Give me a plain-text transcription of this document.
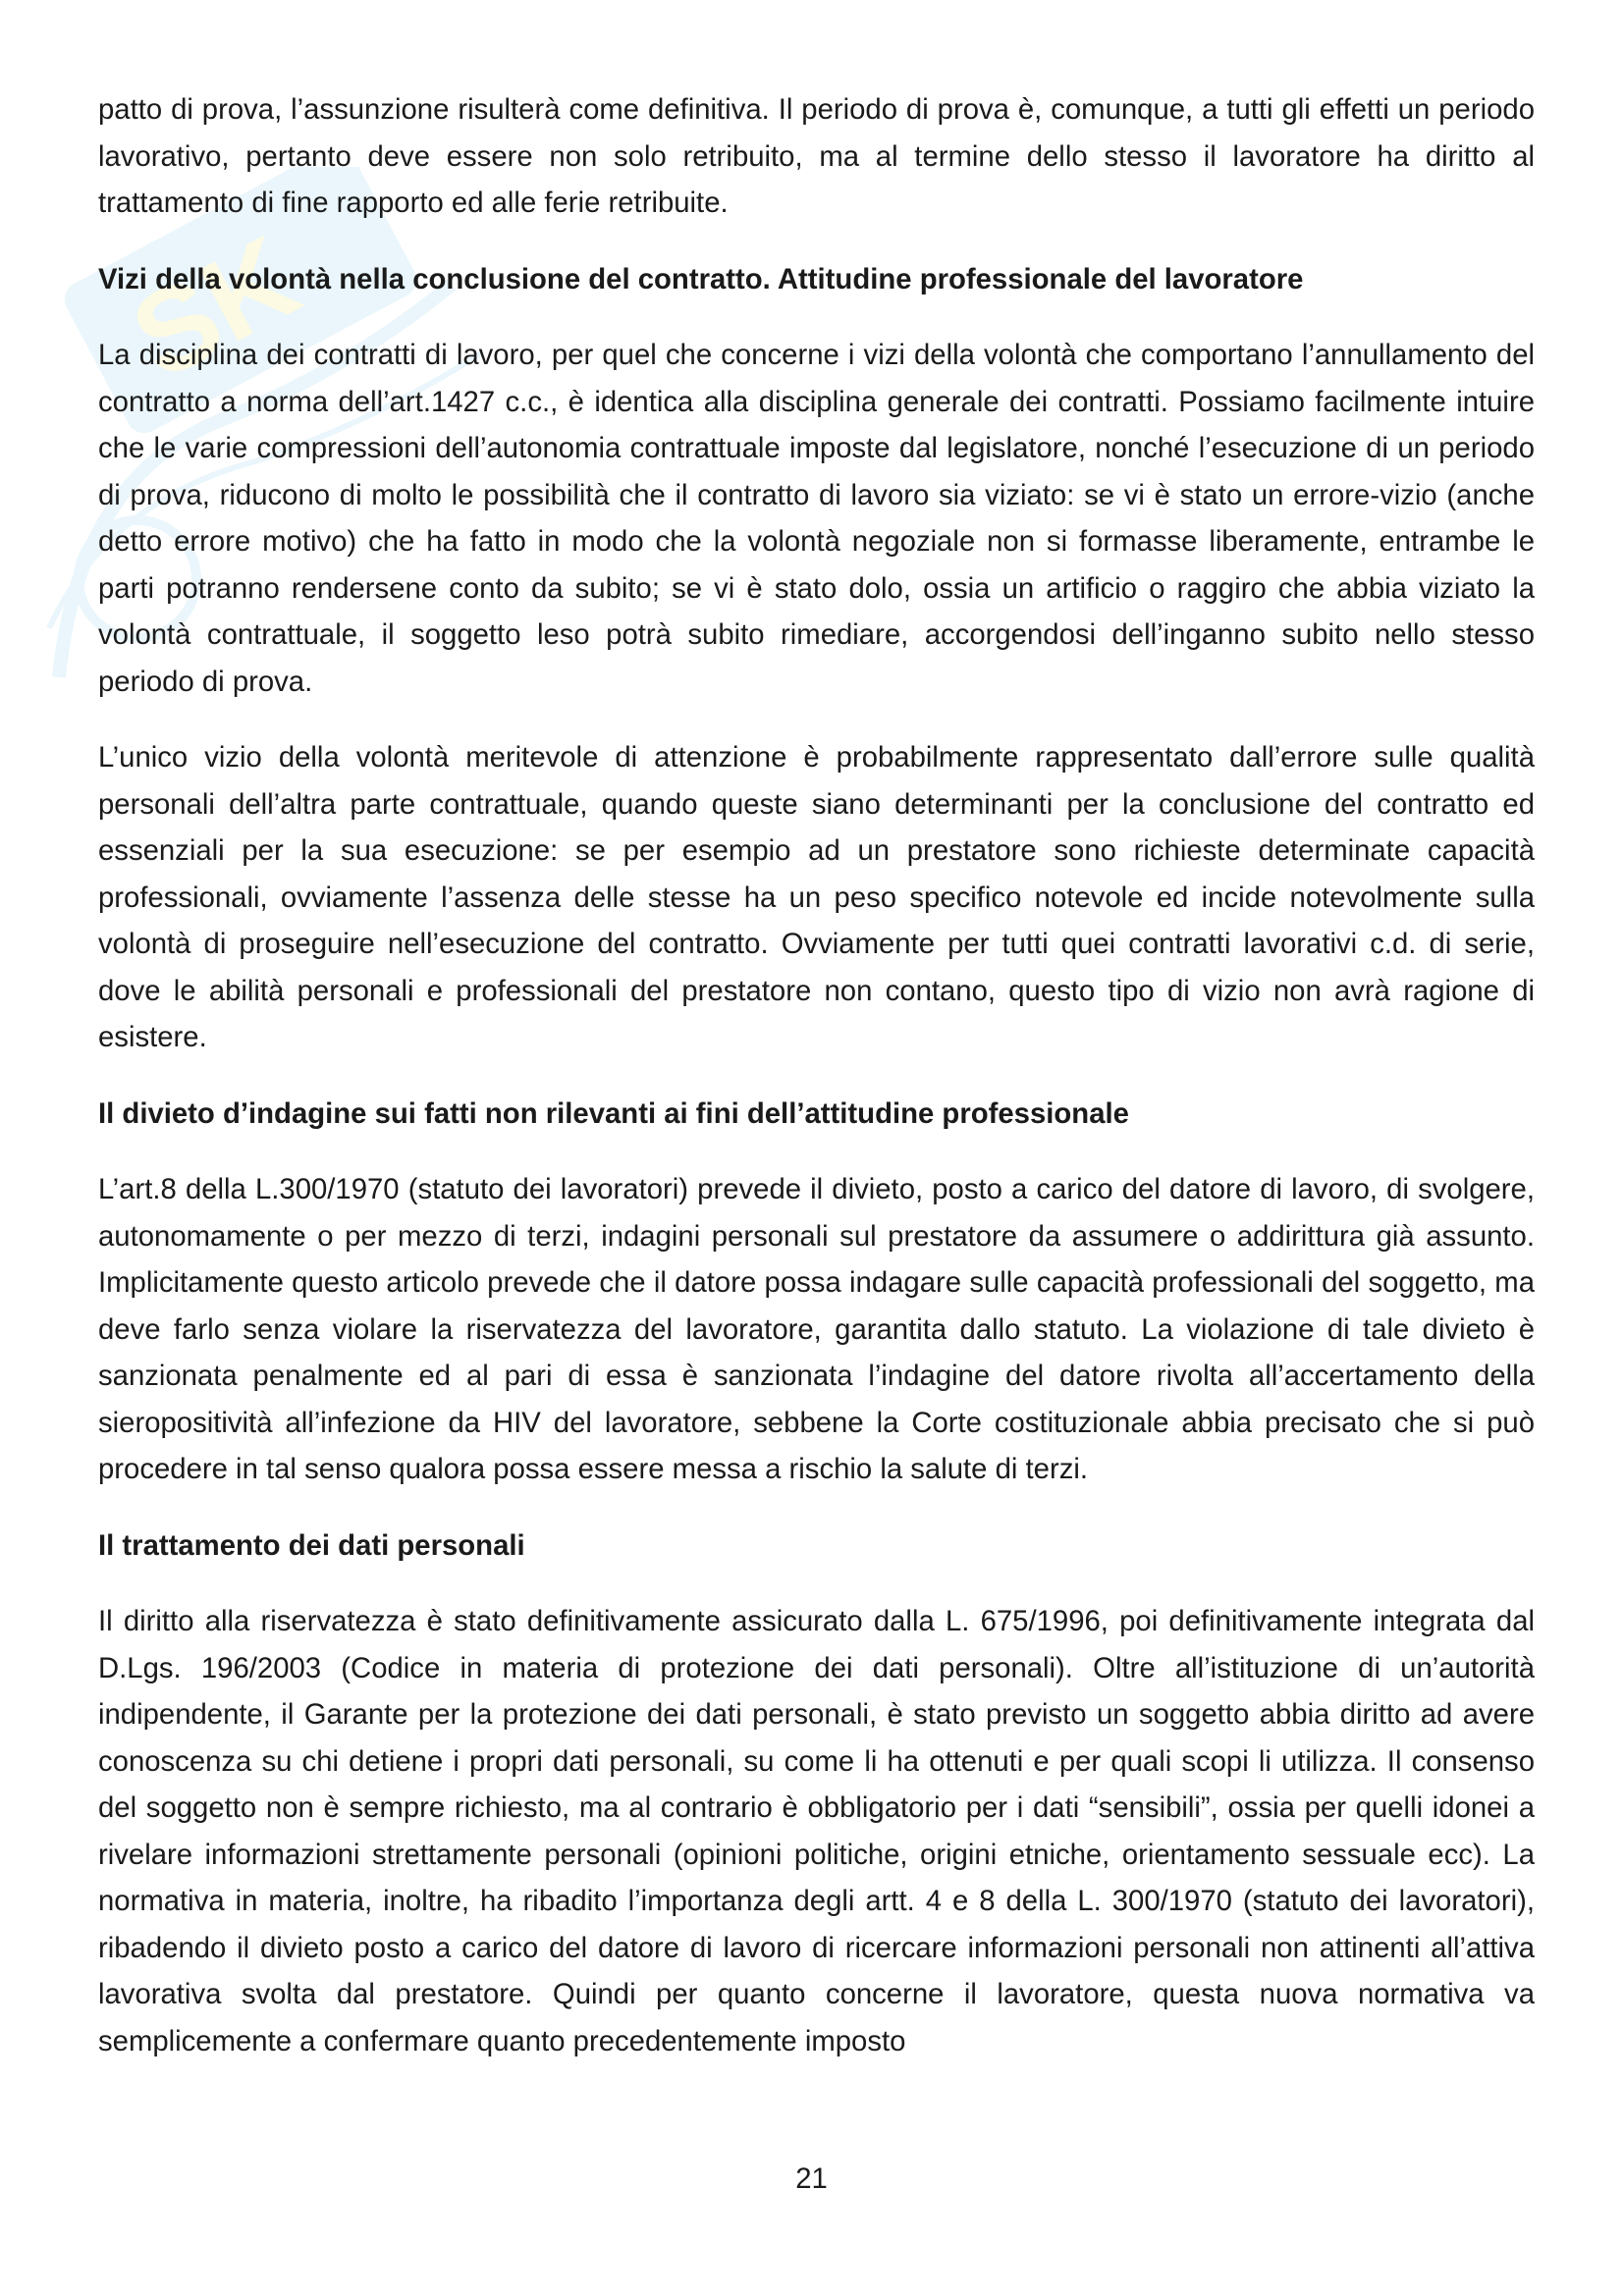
SK

patto di prova, l’assunzione risulterà come definitiva. Il periodo di prova è, comunque, a tutti gli effetti un periodo lavorativo, pertanto deve essere non solo retribuito, ma al termine dello stesso il lavoratore ha diritto al trattamento di fine rapporto ed alle ferie retribuite.

Vizi della volontà nella conclusione del contratto. Attitudine professionale del lavoratore

La disciplina dei contratti di lavoro, per quel che concerne i vizi della volontà che comportano l’annullamento del contratto a norma dell’art.1427 c.c., è identica alla disciplina generale dei contratti. Possiamo facilmente intuire che le varie compressioni dell’autonomia contrattuale imposte dal legislatore, nonché l’esecuzione di un periodo di prova, riducono di molto le possibilità che il contratto di lavoro sia viziato: se vi è stato un errore-vizio (anche detto errore motivo) che ha fatto in modo che la volontà negoziale non si formasse liberamente, entrambe le parti potranno rendersene conto da subito; se vi è stato dolo, ossia un artificio o raggiro che abbia viziato la volontà contrattuale, il soggetto leso potrà subito rimediare, accorgendosi dell’inganno subito nello stesso periodo di prova.

L’unico vizio della volontà meritevole di attenzione è probabilmente rappresentato dall’errore sulle qualità personali dell’altra parte contrattuale, quando queste siano determinanti per la conclusione del contratto ed essenziali per la sua esecuzione: se per esempio ad un prestatore sono richieste determinate capacità professionali, ovviamente l’assenza delle stesse ha un peso specifico notevole ed incide notevolmente sulla volontà di proseguire nell’esecuzione del contratto. Ovviamente per tutti quei contratti lavorativi c.d. di serie, dove le abilità personali e professionali del prestatore non contano, questo tipo di vizio non avrà ragione di esistere.

Il divieto d’indagine sui fatti non rilevanti ai fini dell’attitudine professionale

L’art.8 della L.300/1970 (statuto dei lavoratori) prevede il divieto, posto a carico del datore di lavoro, di svolgere, autonomamente o per mezzo di terzi, indagini personali sul prestatore da assumere o addirittura già assunto. Implicitamente questo articolo prevede che il datore possa indagare sulle capacità professionali del soggetto, ma deve farlo senza violare la riservatezza del lavoratore, garantita dallo statuto. La violazione di tale divieto è sanzionata penalmente ed al pari di essa è sanzionata l’indagine del datore rivolta all’accertamento della sieropositività all’infezione da HIV del lavoratore, sebbene la Corte costituzionale abbia precisato che si può procedere in tal senso qualora possa essere messa a rischio la salute di terzi.

Il trattamento dei dati personali

Il diritto alla riservatezza è stato definitivamente assicurato dalla L. 675/1996, poi definitivamente integrata dal D.Lgs. 196/2003 (Codice in materia di protezione dei dati personali). Oltre all’istituzione di un’autorità indipendente, il Garante per la protezione dei dati personali, è stato previsto un soggetto abbia diritto ad avere conoscenza su chi detiene i propri dati personali, su come li ha ottenuti e per quali scopi li utilizza. Il consenso del soggetto non è sempre richiesto, ma al contrario è obbligatorio per i dati “sensibili”, ossia per quelli idonei a rivelare informazioni strettamente personali (opinioni politiche, origini etniche, orientamento sessuale ecc). La normativa in materia, inoltre, ha ribadito l’importanza degli artt. 4 e 8 della L. 300/1970 (statuto dei lavoratori), ribadendo il divieto posto a carico del datore di lavoro di ricercare informazioni personali non attinenti all’attiva lavorativa svolta dal prestatore. Quindi per quanto concerne il lavoratore, questa nuova normativa va semplicemente a confermare quanto precedentemente imposto

21
